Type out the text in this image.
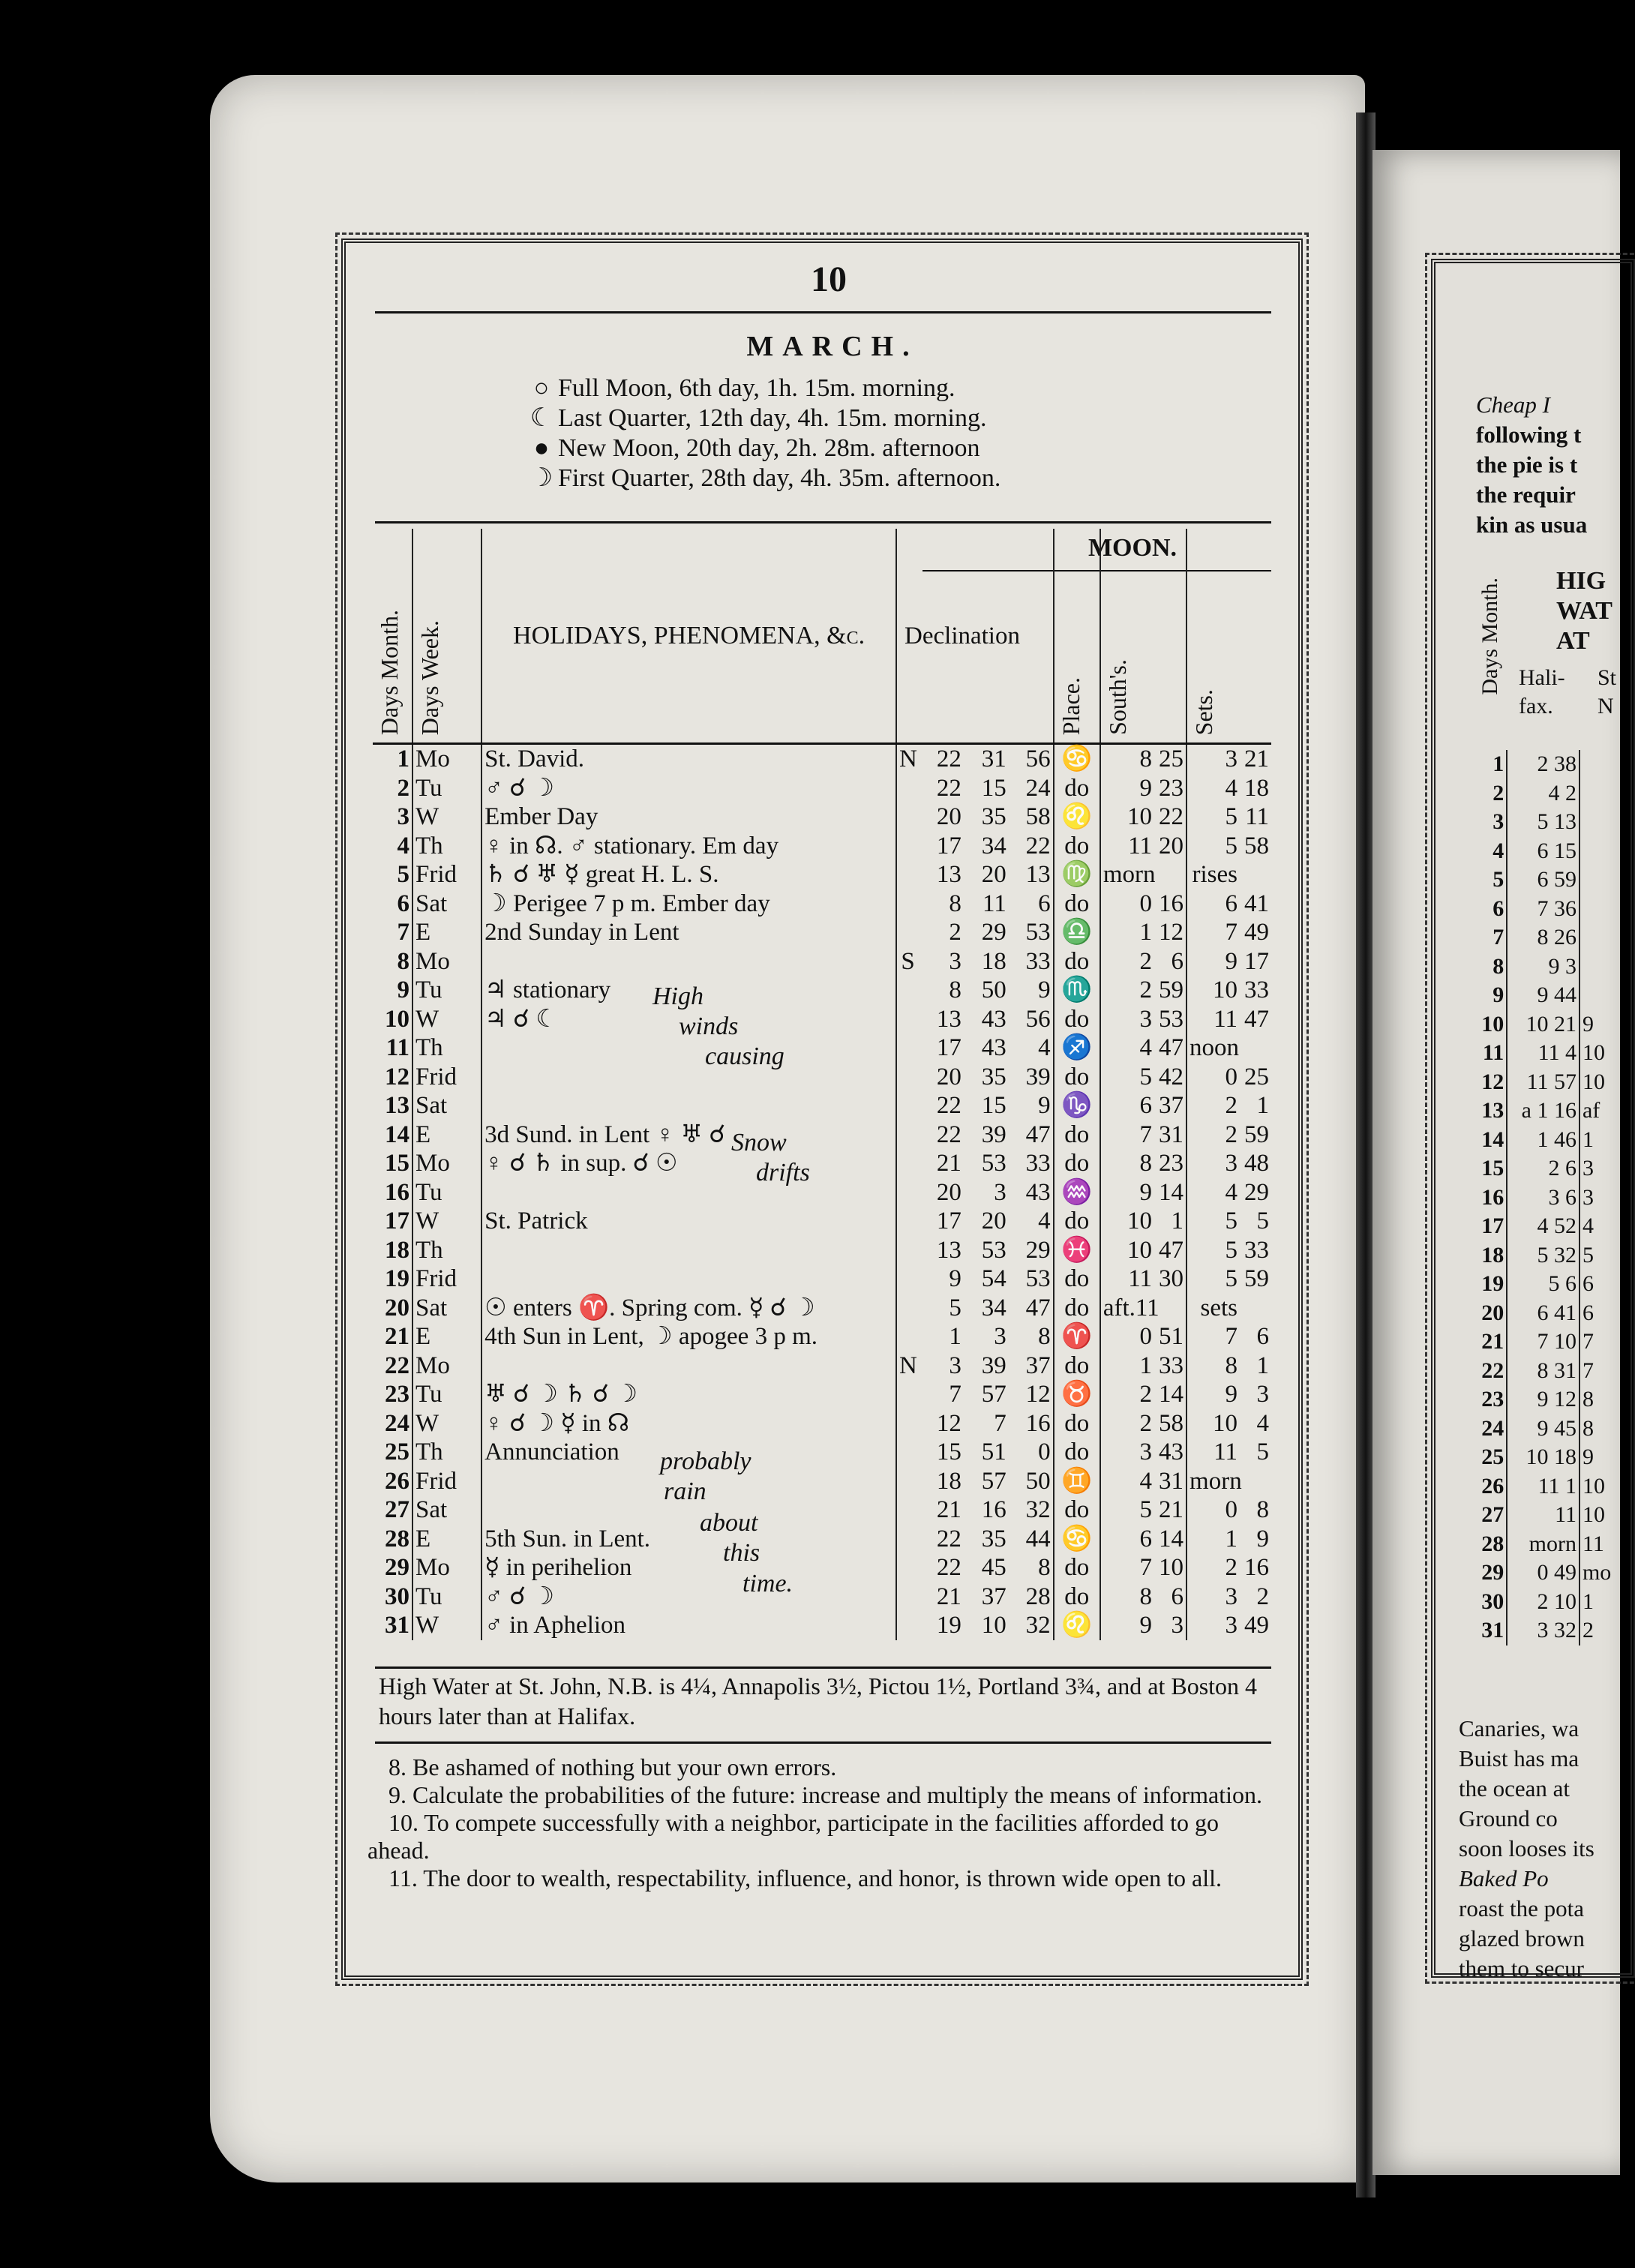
10
MARCH.
○ Full Moon, 6th day, 1h. 15m. morning.
☾ Last Quarter, 12th day, 4h. 15m. morning.
● New Moon, 20th day, 2h. 28m. afternoon
☽ First Quarter, 28th day, 4h. 35m. afternoon.
MOON.
Days Month.	Days Week.	HOLIDAYS, PHENOMENA, &c.	Declination				Place.	South's.	Sets.

1	Mo	St. David.	N	22	31	56	♋	8 25	3 21
2	Tu	♂ ☌ ☽		22	15	24	do	9 23	4 18
3	W	Ember Day		20	35	58	♌	10 22	5 11
4	Th	♀ in ☊. ♂ stationary. Em day		17	34	22	do	11 20	5 58
5	Frid	♄ ☌ ♅ ☿ great H. L. S.		13	20	13	♍	morn	rises
6	Sat	☽ Perigee 7 p m. Ember day		8	11	6	do	0 16	6 41
7	E	2nd Sunday in Lent		2	29	53	♎	1 12	7 49
8	Mo		S	3	18	33	do	2 6	9 17
9	Tu	♃ stationary		8	50	9	♏	2 59	10 33
10	W	♃ ☌ ☾		13	43	56	do	3 53	11 47
11	Th			17	43	4	♐	4 47	noon
12	Frid			20	35	39	do	5 42	0 25
13	Sat			22	15	9	♑	6 37	2 1
14	E	3d Sund. in Lent ♀ ♅ ☌		22	39	47	do	7 31	2 59
15	Mo	♀ ☌ ♄ in sup. ☌ ☉		21	53	33	do	8 23	3 48
16	Tu			20	3	43	♒	9 14	4 29
17	W	St. Patrick		17	20	4	do	10 1	5 5
18	Th			13	53	29	♓	10 47	5 33
19	Frid			9	54	53	do	11 30	5 59
20	Sat	☉ enters ♈. Spring com. ☿ ☌ ☽		5	34	47	do	aft.11	sets
21	E	4th Sun in Lent, ☽ apogee 3 p m.		1	3	8	♈	0 51	7 6
22	Mo		N	3	39	37	do	1 33	8 1
23	Tu	♅ ☌ ☽ ♄ ☌ ☽		7	57	12	♉	2 14	9 3
24	W	♀ ☌ ☽ ☿ in ☊		12	7	16	do	2 58	10 4
25	Th	Annunciation		15	51	0	do	3 43	11 5
26	Frid			18	57	50	♊	4 31	morn
27	Sat			21	16	32	do	5 21	0 8
28	E	5th Sun. in Lent.		22	35	44	♋	6 14	1 9
29	Mo	☿ in perihelion		22	45	8	do	7 10	2 16
30	Tu	♂ ☌ ☽		21	37	28	do	8 6	3 2
31	W	♂ in Aphelion		19	10	32	♌	9 3	3 49
High
winds
causing
Snow
drifts
probably
rain
about
this
time.
High Water at St. John, N.B. is 4¼, Annapolis 3½, Pictou 1½, Portland 3¾, and at Boston 4 hours later than at Halifax.

8. Be ashamed of nothing but your own errors.

9. Calculate the probabilities of the future: increase and multiply the means of information.

10. To compete successfully with a neighbor, participate in the facilities afforded to go ahead.

11. The door to wealth, respectability, influence, and honor, is thrown wide open to all.

Cheap I
following t
the pie is t
the requir
kin as usua
Days Month. HIG
WAT
AT
Hali- fax.
St N
1	2 38	
2	4 2	
3	5 13	
4	6 15	
5	6 59	
6	7 36	
7	8 26	
8	9 3	
9	9 44	
10	10 21	9
11	11 4	10
12	11 57	10
13	a 1 16	af
14	1 46	1
15	2 6	3
16	3 6	3
17	4 52	4
18	5 32	5
19	5 6	6
20	6 41	6
21	7 10	7
22	8 31	7
23	9 12	8
24	9 45	8
25	10 18	9
26	11 1	10
27	11	10
28	morn	11
29	0 49	mo
30	2 10	1
31	3 32	2
Canaries, wa
Buist has ma
the ocean at
Ground co
soon looses its
Baked Po
roast the pota
glazed brown
them to secur
